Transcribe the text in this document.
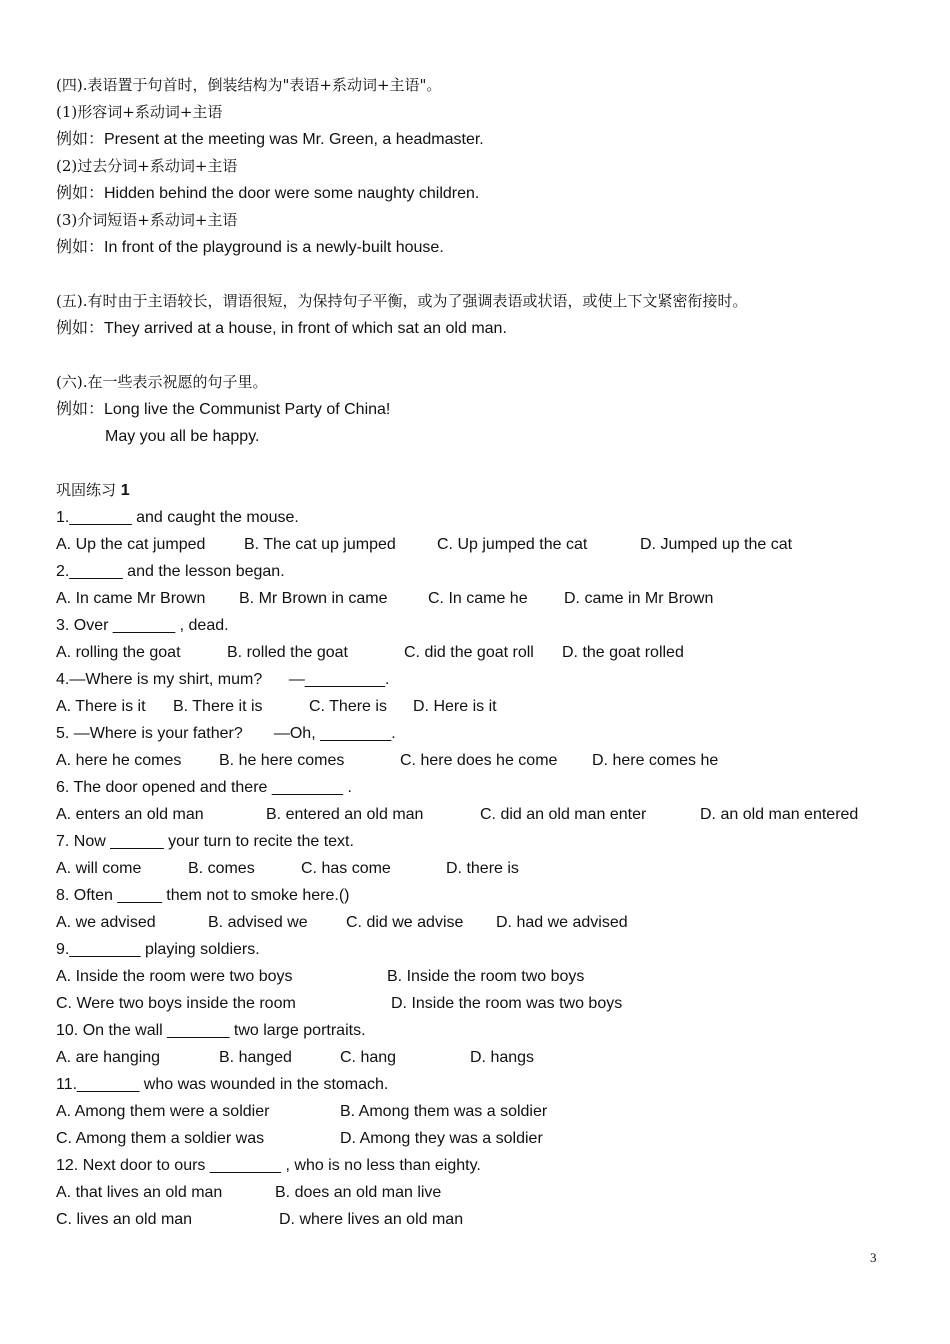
(四).表语置于句首时，倒装结构为"表语+系动词+主语"。
(1)形容词+系动词+主语
例如：Present at the meeting was Mr. Green, a headmaster.
(2)过去分词+系动词+主语
例如：Hidden behind the door were some naughty children.
(3)介词短语+系动词+主语
例如：In front of the playground is a newly-built house.
(五).有时由于主语较长，谓语很短，为保持句子平衡，或为了强调表语或状语，或使上下文紧密衔接时。
例如：They arrived at a house, in front of which sat an old man.
(六).在一些表示祝愿的句子里。
例如：Long live the Communist Party of China!
May you all be happy.
巩固练习 1
1._______ and caught the mouse.

A. Up the cat jumped

B. The cat up jumped

	C. Up jumped the cat

	D. Jumped up the cat

2.______ and the lesson began.

A. In came Mr Brown

B. Mr Brown in came

	C. In came he

D. came in Mr Brown

3. Over _______ , dead.

A. rolling the goat

	B. rolled the goat

	C. did the goat roll

D. the goat rolled

4.—Where is my shirt, mum?      —_________.

A. There is it

B. There it is

	C. There is

D. Here is it

5. —Where is your father?       —Oh, ________.

A. here he comes

B. he here comes

	C. here does he come

D. here comes he

6. The door opened and there ________ .

A. enters an old man

	B. entered an old man

	C. did an old man enter

	D. an old man entered

7. Now ______ your turn to recite the text.

A. will come

	B. comes

	C. has come

	D. there is

8. Often _____ them not to smoke here.()

A. we advised

	B. advised we

C. did we advise

D. had we advised

9.________ playing soldiers.

A. Inside the room were two boys

	B. Inside the room two boys

C. Were two boys inside the room

	D. Inside the room was two boys

10. On the wall _______ two large portraits.

A. are hanging

	B. hanged

	C. hang

	D. hangs

11._______ who was wounded in the stomach.

A. Among them were a soldier

	B. Among them was a soldier

C. Among them a soldier was

	D. Among they was a soldier

12. Next door to ours ________ , who is no less than eighty.

A. that lives an old man

	B. does an old man live

C. lives an old man

	D. where lives an old man

3
